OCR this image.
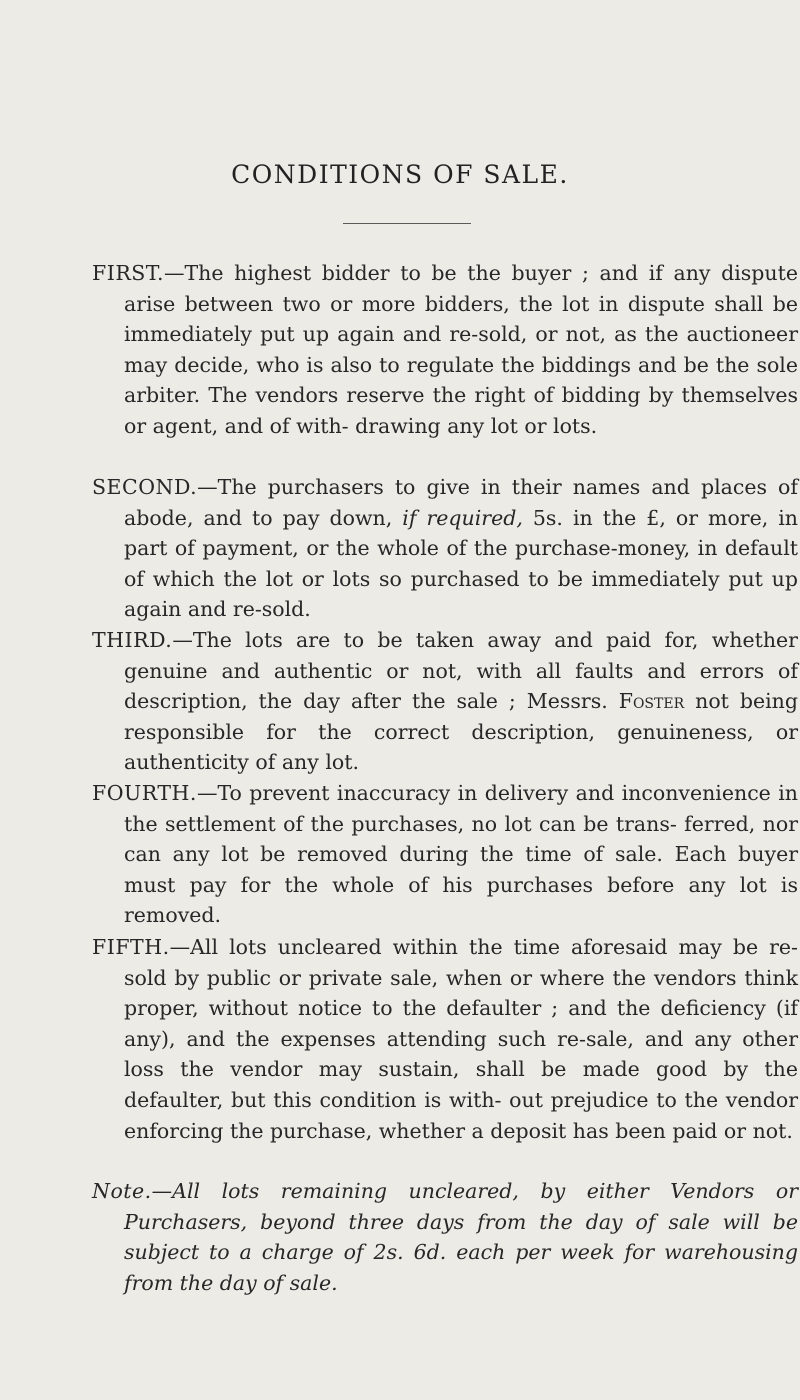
CONDITIONS OF SALE.
FIRST.—The highest bidder to be the buyer ; and if any dispute arise between two or more bidders, the lot in dispute shall be immediately put up again and re-sold, or not, as the auctioneer may decide, who is also to regulate the biddings and be the sole arbiter. The vendors reserve the right of bidding by themselves or agent, and of with- drawing any lot or lots.
SECOND.—The purchasers to give in their names and places of abode, and to pay down, if required, 5s. in the £, or more, in part of payment, or the whole of the purchase-money, in default of which the lot or lots so purchased to be immediately put up again and re-sold.
THIRD.—The lots are to be taken away and paid for, whether genuine and authentic or not, with all faults and errors of description, the day after the sale ; Messrs. Foster not being responsible for the correct description, genuineness, or authenticity of any lot.
FOURTH.—To prevent inaccuracy in delivery and inconvenience in the settlement of the purchases, no lot can be trans- ferred, nor can any lot be removed during the time of sale. Each buyer must pay for the whole of his purchases before any lot is removed.
FIFTH.—All lots uncleared within the time aforesaid may be re-sold by public or private sale, when or where the vendors think proper, without notice to the defaulter ; and the deficiency (if any), and the expenses attending such re-sale, and any other loss the vendor may sustain, shall be made good by the defaulter, but this condition is with- out prejudice to the vendor enforcing the purchase, whether a deposit has been paid or not.
Note.—All lots remaining uncleared, by either Vendors or Purchasers, beyond three days from the day of sale will be subject to a charge of 2s. 6d. each per week for warehousing from the day of sale.
